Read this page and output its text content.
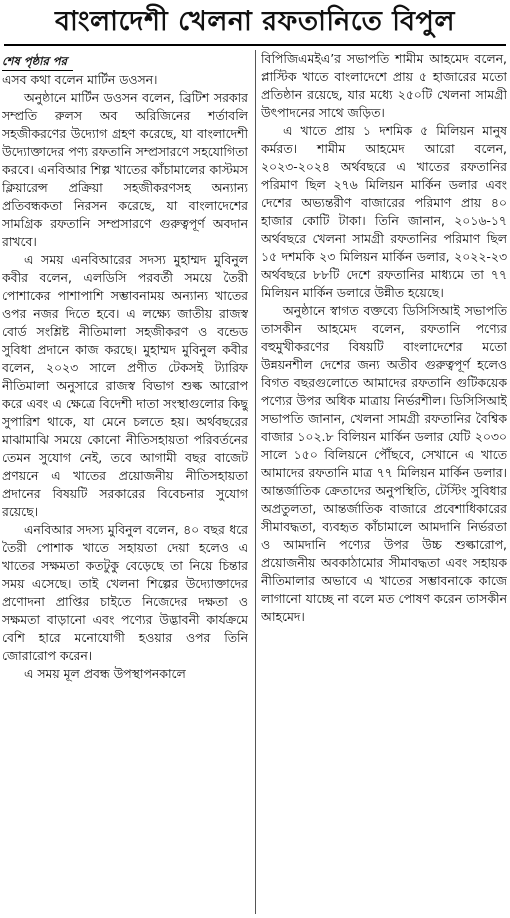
বাংলাদেশী খেলনা রফতানিতে বিপুল
শেষ পৃষ্ঠার পর

এসব কথা বলেন মার্টিন ডওসন।

অনুষ্ঠানে মার্টিন ডওসন বলেন, ব্রিটিশ সরকার সম্প্রতি রুলস অব অরিজিনের শর্তাবলি সহজীকরণের উদ্যোগ গ্রহণ করেছে, যা বাংলাদেশী উদ্যোক্তাদের পণ্য রফতানি সম্প্রসারণে সহযোগিতা করবে। এনবিআর শিল্প খাতের কাঁচামালের কাস্টমস ক্লিয়ারেন্স প্রক্রিয়া সহজীকরণসহ অন্যান্য প্রতিবন্ধকতা নিরসন করেছে, যা বাংলাদেশের সামগ্রিক রফতানি সম্প্রসারণে গুরুত্বপূর্ণ অবদান রাখবে।

এ সময় এনবিআরের সদস্য মুহাম্মদ মুবিনুল কবীর বলেন, এলডিসি পরবর্তী সময়ে তৈরী পোশাকের পাশাপাশি সম্ভাবনাময় অন্যান্য খাতের ওপর নজর দিতে হবে। এ লক্ষ্যে জাতীয় রাজস্ব বোর্ড সংশ্লিষ্ট নীতিমালা সহজীকরণ ও বন্ডেড সুবিধা প্রদানে কাজ করছে। মুহাম্মদ মুবিনুল কবীর বলেন, ২০২৩ সালে প্রণীত টেকসই ট্যারিফ নীতিমালা অনুসারে রাজস্ব বিভাগ শুল্ক আরোপ করে এবং এ ক্ষেত্রে বিদেশী দাতা সংস্থাগুলোর কিছু সুপারিশ থাকে, যা মেনে চলতে হয়। অর্থবছরের মাঝামাঝি সময়ে কোনো নীতিসহায়তা পরিবর্তনের তেমন সুযোগ নেই, তবে আগামী বছর বাজেট প্রণয়নে এ খাতের প্রয়োজনীয় নীতিসহায়তা প্রদানের বিষয়টি সরকারের বিবেচনার সুযোগ রয়েছে।

এনবিআর সদস্য মুবিনুল বলেন, ৪০ বছর ধরে তৈরী পোশাক খাতে সহায়তা দেয়া হলেও এ খাতের সক্ষমতা কতটুকু বেড়েছে তা নিয়ে চিন্তার সময় এসেছে। তাই খেলনা শিল্পের উদ্যোক্তাদের প্রণোদনা প্রাপ্তির চাইতে নিজেদের দক্ষতা ও সক্ষমতা বাড়ানো এবং পণ্যের উদ্ভাবনী কার্যক্রমে বেশি হারে মনোযোগী হওয়ার ওপর তিনি জোরারোপ করেন।

এ সময় মূল প্রবন্ধ উপস্থাপনকালে

বিপিজিএমইএ’র সভাপতি শামীম আহমেদ বলেন, প্লাস্টিক খাতে বাংলাদেশে প্রায় ৫ হাজারের মতো প্রতিষ্ঠান রয়েছে, যার মধ্যে ২৫০টি খেলনা সামগ্রী উৎপাদনের সাথে জড়িত।

এ খাতে প্রায় ১ দশমিক ৫ মিলিয়ন মানুষ কর্মরত। শামীম আহমেদ আরো বলেন, ২০২৩-২০২৪ অর্থবছরে এ খাতের রফতানির পরিমাণ ছিল ২৭৬ মিলিয়ন মার্কিন ডলার এবং দেশের অভ্যন্তরীণ বাজারের পরিমাণ প্রায় ৪০ হাজার কোটি টাকা। তিনি জানান, ২০১৬-১৭ অর্থবছরে খেলনা সামগ্রী রফতানির পরিমাণ ছিল ১৫ দশমকি ২৩ মিলিয়ন মার্কিন ডলার, ২০২২-২৩ অর্থবছরে ৮৮টি দেশে রফতানির মাধ্যমে তা ৭৭ মিলিয়ন মার্কিন ডলারে উন্নীত হয়েছে।

অনুষ্ঠানে স্বাগত বক্তব্যে ডিসিসিআই সভাপতি তাসকীন আহমেদ বলেন, রফতানি পণ্যের বহুমুখীকরণের বিষয়টি বাংলাদেশের মতো উন্নয়নশীল দেশের জন্য অতীব গুরুত্বপূর্ণ হলেও বিগত বছরগুলোতে আমাদের রফতানি গুটিকয়েক পণ্যের উপর অধিক মাত্রায় নির্ভরশীল। ডিসিসিআই সভাপতি জানান, খেলনা সামগ্রী রফতানির বৈশ্বিক বাজার ১০২.৮ বিলিয়ন মার্কিন ডলার যেটি ২০৩০ সালে ১৫০ বিলিয়নে পৌঁছবে, সেখানে এ খাতে আমাদের রফতানি মাত্র ৭৭ মিলিয়ন মার্কিন ডলার। আন্তর্জাতিক ক্রেতাদের অনুপস্থিতি, টেস্টিং সুবিধার অপ্রতুলতা, আন্তর্জাতিক বাজারে প্রবেশাধিকারের সীমাবদ্ধতা, ব্যবহৃত কাঁচামালে আমদানি নির্ভরতা ও আমদানি পণ্যের উপর উচ্চ শুল্কারোপ, প্রয়োজনীয় অবকাঠামোর সীমাবদ্ধতা এবং সহায়ক নীতিমালার অভাবে এ খাতের সম্ভাবনাকে কাজে লাগানো যাচ্ছে না বলে মত পোষণ করেন তাসকীন আহমেদ।
